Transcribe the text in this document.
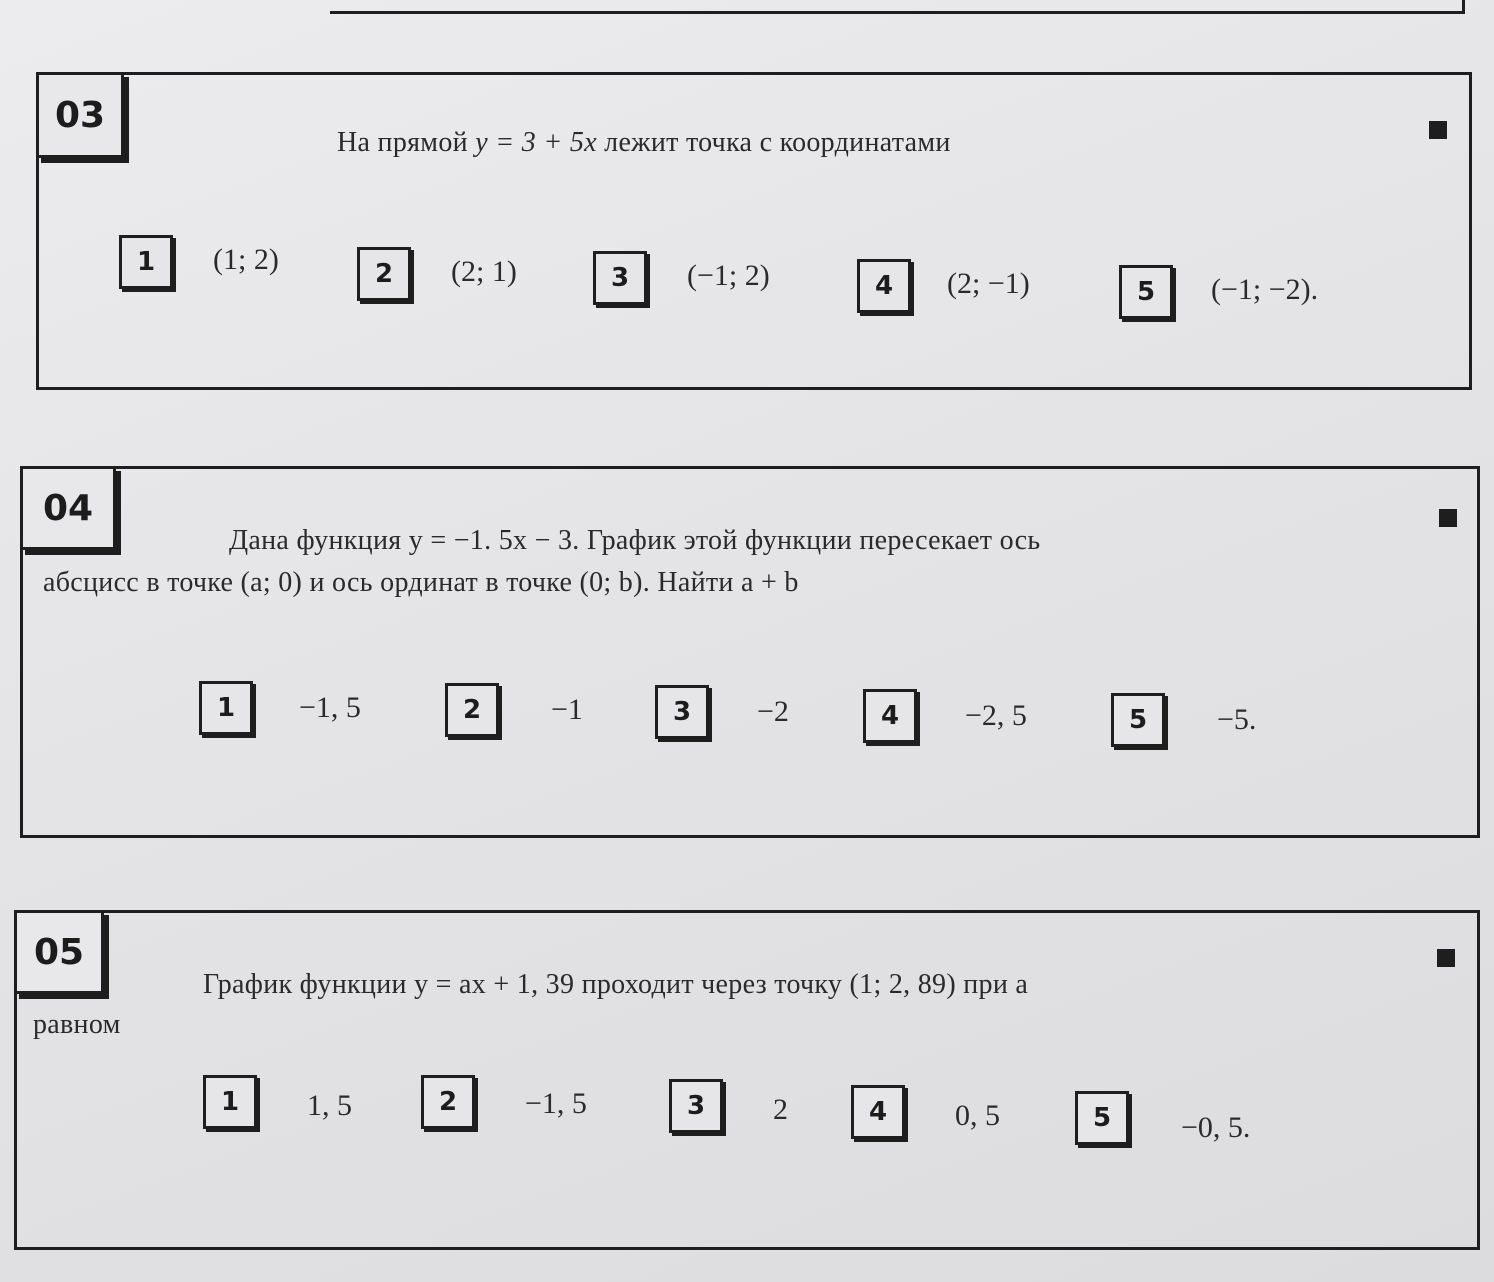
03
На прямой y = 3 + 5x лежит точка с координатами
1	(1; 2)	2	(2; 1)	3	(−1; 2)	4	(2; −1)	5	(−1; −2).
04
Дана функция y = −1. 5x − 3. График этой функции пересекает ось
абсцисс в точке (a; 0) и ось ординат в точке (0; b). Найти a + b
1	−1, 5	2	−1	3	−2	4	−2, 5	5	−5.
05
График функции y = ax + 1, 39 проходит через точку (1; 2, 89) при a
равном
1	1, 5	2	−1, 5	3	2	4	0, 5	5	−0, 5.
